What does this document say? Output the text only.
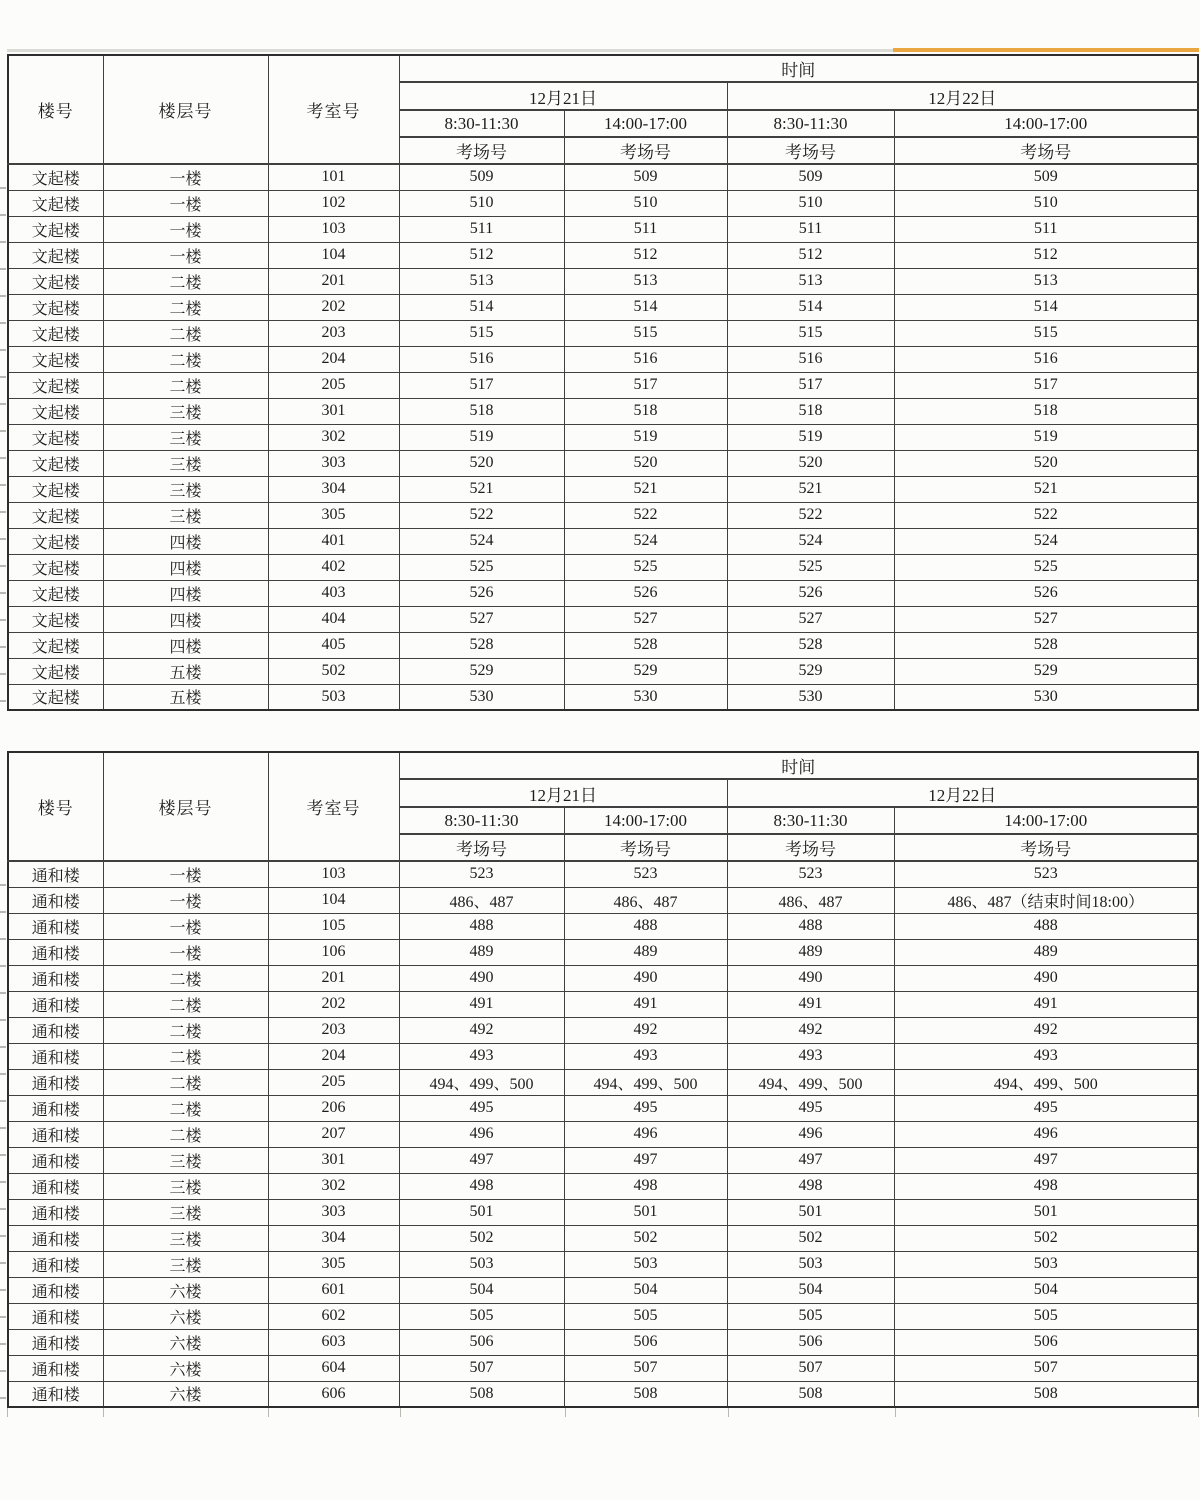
楼号	楼层号	考室号	时间			
			12月21日		12月22日	
			8:30-11:30	14:00-17:00	8:30-11:30	14:00-17:00
			考场号	考场号	考场号	考场号
文起楼	一楼	101	509	509	509	509
文起楼	一楼	102	510	510	510	510
文起楼	一楼	103	511	511	511	511
文起楼	一楼	104	512	512	512	512
文起楼	二楼	201	513	513	513	513
文起楼	二楼	202	514	514	514	514
文起楼	二楼	203	515	515	515	515
文起楼	二楼	204	516	516	516	516
文起楼	二楼	205	517	517	517	517
文起楼	三楼	301	518	518	518	518
文起楼	三楼	302	519	519	519	519
文起楼	三楼	303	520	520	520	520
文起楼	三楼	304	521	521	521	521
文起楼	三楼	305	522	522	522	522
文起楼	四楼	401	524	524	524	524
文起楼	四楼	402	525	525	525	525
文起楼	四楼	403	526	526	526	526
文起楼	四楼	404	527	527	527	527
文起楼	四楼	405	528	528	528	528
文起楼	五楼	502	529	529	529	529
文起楼	五楼	503	530	530	530	530
楼号	楼层号	考室号	时间			
			12月21日		12月22日	
			8:30-11:30	14:00-17:00	8:30-11:30	14:00-17:00
			考场号	考场号	考场号	考场号
通和楼	一楼	103	523	523	523	523
通和楼	一楼	104	486、487	486、487	486、487	486、487（结束时间18:00）
通和楼	一楼	105	488	488	488	488
通和楼	一楼	106	489	489	489	489
通和楼	二楼	201	490	490	490	490
通和楼	二楼	202	491	491	491	491
通和楼	二楼	203	492	492	492	492
通和楼	二楼	204	493	493	493	493
通和楼	二楼	205	494、499、500	494、499、500	494、499、500	494、499、500
通和楼	二楼	206	495	495	495	495
通和楼	二楼	207	496	496	496	496
通和楼	三楼	301	497	497	497	497
通和楼	三楼	302	498	498	498	498
通和楼	三楼	303	501	501	501	501
通和楼	三楼	304	502	502	502	502
通和楼	三楼	305	503	503	503	503
通和楼	六楼	601	504	504	504	504
通和楼	六楼	602	505	505	505	505
通和楼	六楼	603	506	506	506	506
通和楼	六楼	604	507	507	507	507
通和楼	六楼	606	508	508	508	508
